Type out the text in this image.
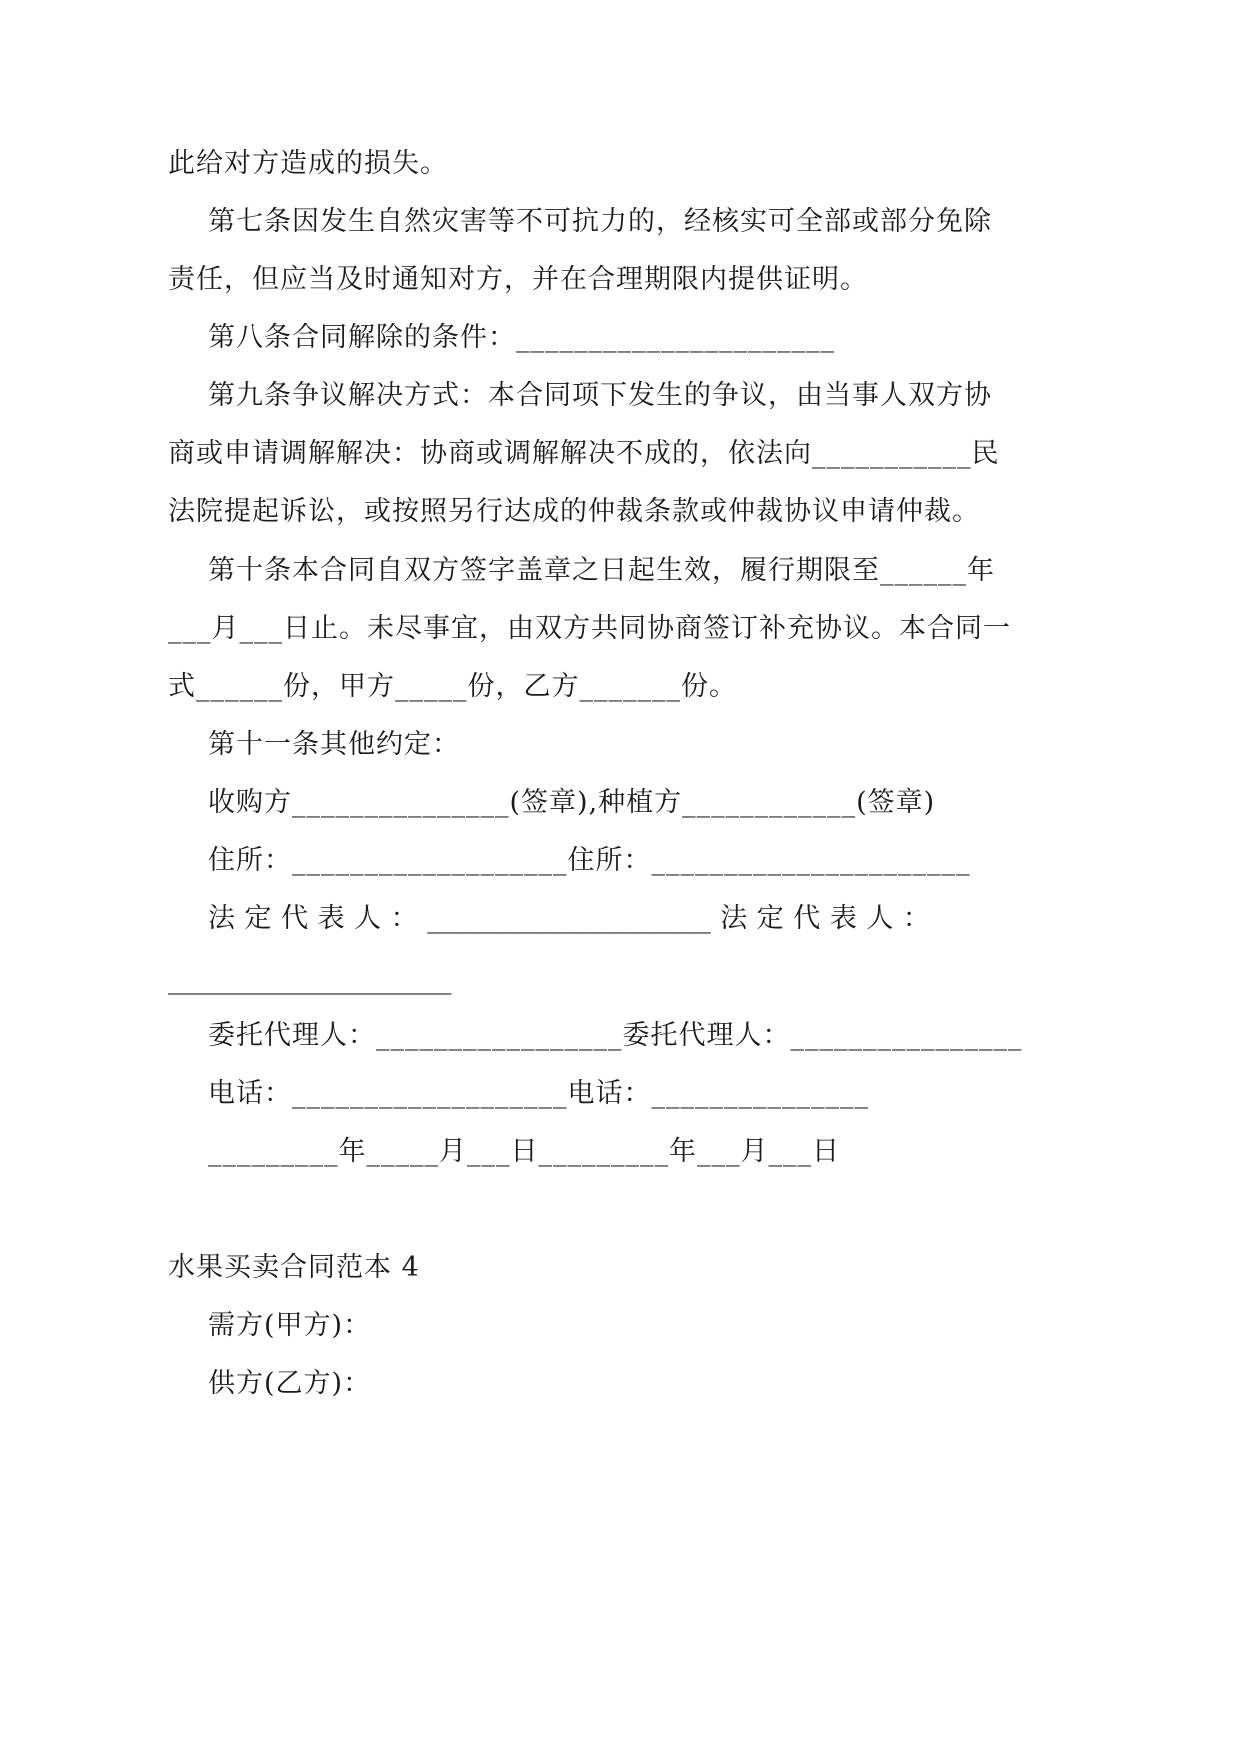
此给对方造成的损失。
第七条因发生自然灾害等不可抗力的，经核实可全部或部分免除
责任，但应当及时通知对方，并在合理期限内提供证明。
第八条合同解除的条件：______________________
第九条争议解决方式：本合同项下发生的争议，由当事人双方协
商或申请调解解决：协商或调解解决不成的，依法向___________民
法院提起诉讼，或按照另行达成的仲裁条款或仲裁协议申请仲裁。
第十条本合同自双方签字盖章之日起生效，履行期限至______年
___月___日止。未尽事宜，由双方共同协商签订补充协议。本合同一
式______份，甲方_____份，乙方_______份。
第十一条其他约定：
收购方_______________(签章),种植方____________(签章)
住所：___________________住所：______________________
法 定 代 表 人 ： _____________________ 法 定 代 表 人 ：
_____________________
委托代理人：_________________委托代理人：________________
电话：___________________电话：_______________
_________年_____月___日_________年___月___日
水果买卖合同范本 4
需方(甲方)：
供方(乙方)：
